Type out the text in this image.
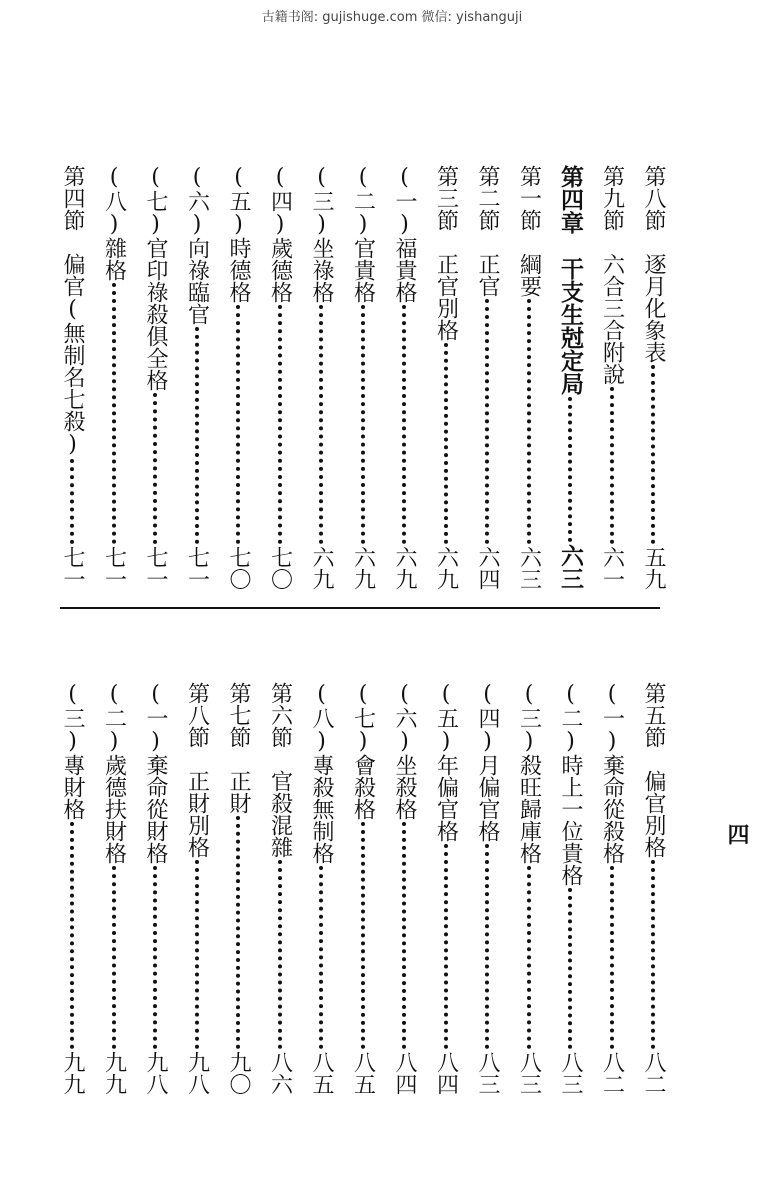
古籍书阁: gujishuge.com 微信: yishanguji
第八節　逐月化象表
五九
第九節　六合三合附說
六一
第四章　干支生尅定局
六三
第一節　綱要
六三
第二節　正官
六四
第三節　正官別格
六九
(一)福貴格
六九
(二)官貴格
六九
(三)坐祿格
六九
(四)歲德格
七〇
(五)時德格
七〇
(六)向祿臨官
七一
(七)官印祿殺俱全格
七一
(八)雜格
七一
第四節　偏官(無制名七殺)
七一
四
第五節　偏官別格
八二
(一)棄命從殺格
八二
(二)時上一位貴格
八三
(三)殺旺歸庫格
八三
(四)月偏官格
八三
(五)年偏官格
八四
(六)坐殺格
八四
(七)會殺格
八五
(八)專殺無制格
八五
第六節　官殺混雜
八六
第七節　正財
九〇
第八節　正財別格
九八
(一)棄命從財格
九八
(二)歲德扶財格
九九
(三)專財格
九九
